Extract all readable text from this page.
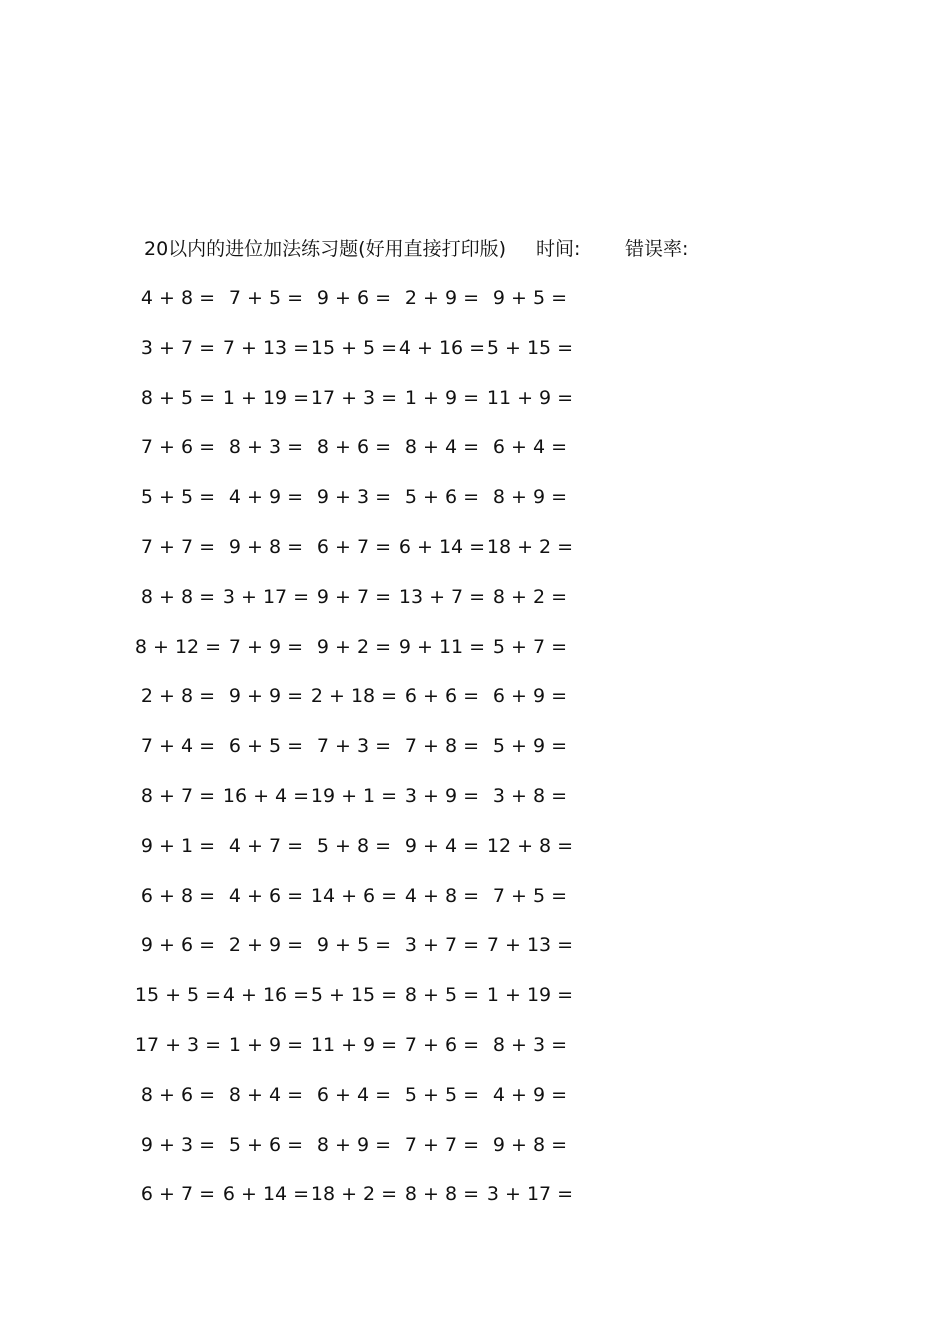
20以内的进位加法练习题(好用直接打印版) 时间: 错误率:
4 + 8 = 7 + 5 = 9 + 6 = 2 + 9 = 9 + 5 =
3 + 7 = 7 + 13 = 15 + 5 = 4 + 16 = 5 + 15 =
8 + 5 = 1 + 19 = 17 + 3 = 1 + 9 = 11 + 9 =
7 + 6 = 8 + 3 = 8 + 6 = 8 + 4 = 6 + 4 =
5 + 5 = 4 + 9 = 9 + 3 = 5 + 6 = 8 + 9 =
7 + 7 = 9 + 8 = 6 + 7 = 6 + 14 = 18 + 2 =
8 + 8 = 3 + 17 = 9 + 7 = 13 + 7 = 8 + 2 =
8 + 12 = 7 + 9 = 9 + 2 = 9 + 11 = 5 + 7 =
2 + 8 = 9 + 9 = 2 + 18 = 6 + 6 = 6 + 9 =
7 + 4 = 6 + 5 = 7 + 3 = 7 + 8 = 5 + 9 =
8 + 7 = 16 + 4 = 19 + 1 = 3 + 9 = 3 + 8 =
9 + 1 = 4 + 7 = 5 + 8 = 9 + 4 = 12 + 8 =
6 + 8 = 4 + 6 = 14 + 6 = 4 + 8 = 7 + 5 =
9 + 6 = 2 + 9 = 9 + 5 = 3 + 7 = 7 + 13 =
15 + 5 = 4 + 16 = 5 + 15 = 8 + 5 = 1 + 19 =
17 + 3 = 1 + 9 = 11 + 9 = 7 + 6 = 8 + 3 =
8 + 6 = 8 + 4 = 6 + 4 = 5 + 5 = 4 + 9 =
9 + 3 = 5 + 6 = 8 + 9 = 7 + 7 = 9 + 8 =
6 + 7 = 6 + 14 = 18 + 2 = 8 + 8 = 3 + 17 =
